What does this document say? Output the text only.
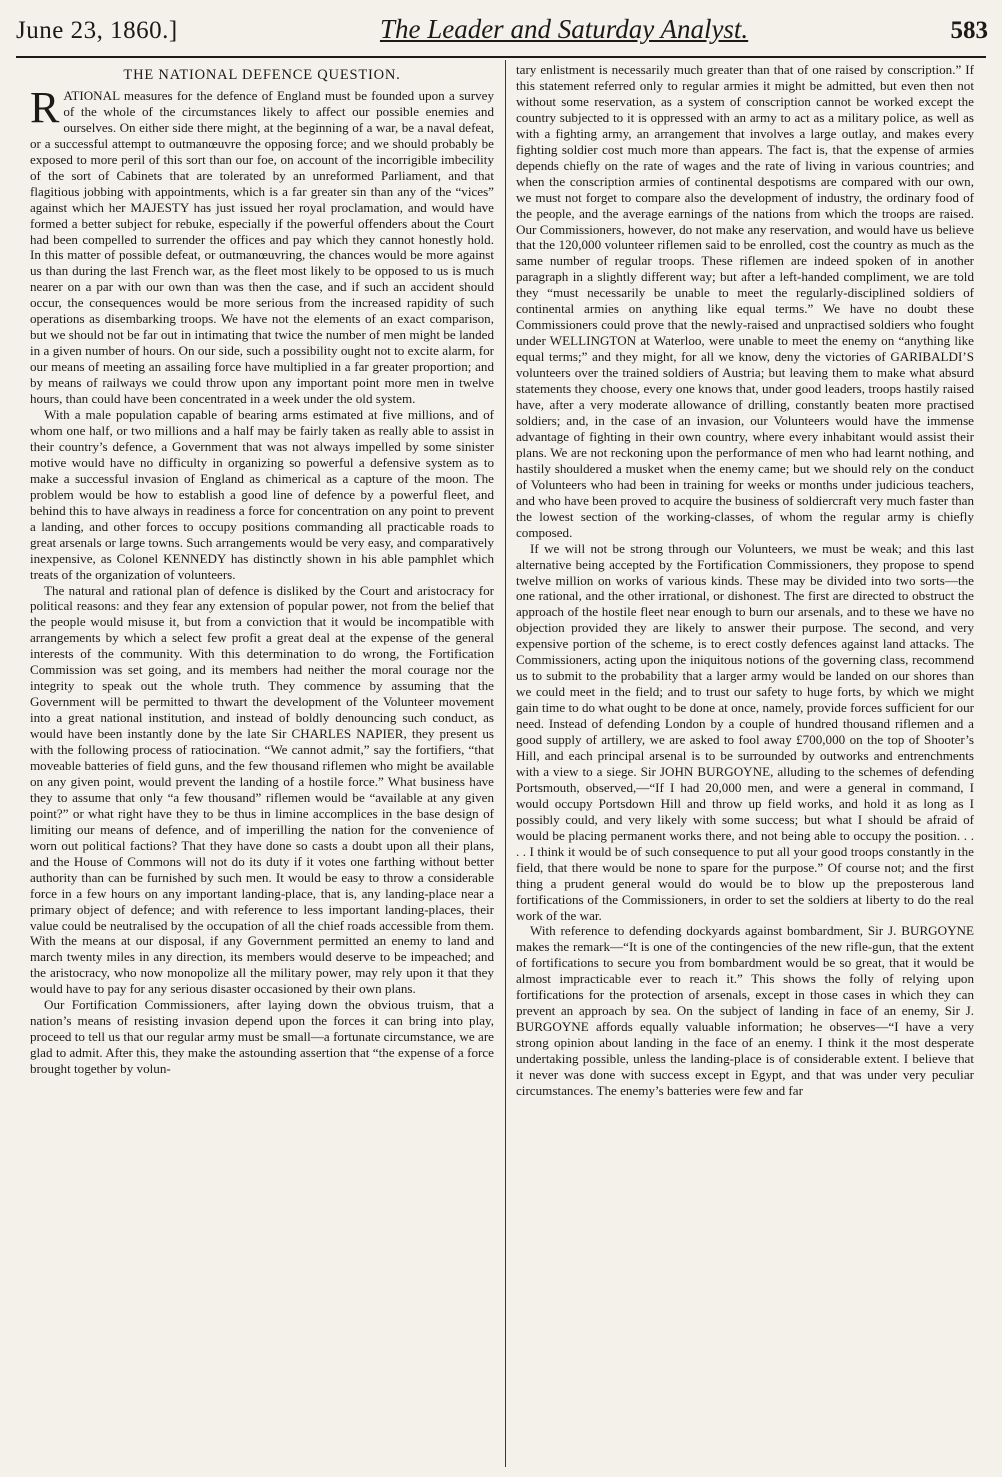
June 23, 1860.]	The Leader and Saturday Analyst.	583
THE NATIONAL DEFENCE QUESTION.

RATIONAL measures for the defence of England must be founded upon a survey of the whole of the circumstances likely to affect our possible enemies and ourselves. On either side there might, at the beginning of a war, be a naval defeat, or a successful attempt to outmanœuvre the opposing force; and we should probably be exposed to more peril of this sort than our foe, on account of the incorrigible imbecility of the sort of Cabinets that are tolerated by an unreformed Parliament, and that flagitious jobbing with appointments, which is a far greater sin than any of the “vices” against which her MAJESTY has just issued her royal proclamation, and would have formed a better subject for rebuke, especially if the powerful offenders about the Court had been compelled to surrender the offices and pay which they cannot honestly hold. In this matter of possible defeat, or outmanœuvring, the chances would be more against us than during the last French war, as the fleet most likely to be opposed to us is much nearer on a par with our own than was then the case, and if such an accident should occur, the consequences would be more serious from the increased rapidity of such operations as disembarking troops. We have not the elements of an exact comparison, but we should not be far out in intimating that twice the number of men might be landed in a given number of hours. On our side, such a possibility ought not to excite alarm, for our means of meeting an assailing force have multiplied in a far greater proportion; and by means of railways we could throw upon any important point more men in twelve hours, than could have been concentrated in a week under the old system.

With a male population capable of bearing arms estimated at five millions, and of whom one half, or two millions and a half may be fairly taken as really able to assist in their country’s defence, a Government that was not always impelled by some sinister motive would have no difficulty in organizing so powerful a defensive system as to make a successful invasion of England as chimerical as a capture of the moon. The problem would be how to establish a good line of defence by a powerful fleet, and behind this to have always in readiness a force for concentration on any point to prevent a landing, and other forces to occupy positions commanding all practicable roads to great arsenals or large towns. Such arrangements would be very easy, and comparatively inexpensive, as Colonel KENNEDY has distinctly shown in his able pamphlet which treats of the organization of volunteers.

The natural and rational plan of defence is disliked by the Court and aristocracy for political reasons: and they fear any extension of popular power, not from the belief that the people would misuse it, but from a conviction that it would be incompatible with arrangements by which a select few profit a great deal at the expense of the general interests of the community. With this determination to do wrong, the Fortification Commission was set going, and its members had neither the moral courage nor the integrity to speak out the whole truth. They commence by assuming that the Government will be permitted to thwart the development of the Volunteer movement into a great national institution, and instead of boldly denouncing such conduct, as would have been instantly done by the late Sir CHARLES NAPIER, they present us with the following process of ratiocination. “We cannot admit,” say the fortifiers, “that moveable batteries of field guns, and the few thousand riflemen who might be available on any given point, would prevent the landing of a hostile force.” What business have they to assume that only “a few thousand” riflemen would be “available at any given point?” or what right have they to be thus in limine accomplices in the base design of limiting our means of defence, and of imperilling the nation for the convenience of worn out political factions? That they have done so casts a doubt upon all their plans, and the House of Commons will not do its duty if it votes one farthing without better authority than can be furnished by such men. It would be easy to throw a considerable force in a few hours on any important landing-place, that is, any landing-place near a primary object of defence; and with reference to less important landing-places, their value could be neutralised by the occupation of all the chief roads accessible from them. With the means at our disposal, if any Government permitted an enemy to land and march twenty miles in any direction, its members would deserve to be impeached; and the aristocracy, who now monopolize all the military power, may rely upon it that they would have to pay for any serious disaster occasioned by their own plans.

Our Fortification Commissioners, after laying down the obvious truism, that a nation’s means of resisting invasion depend upon the forces it can bring into play, proceed to tell us that our regular army must be small—a fortunate circumstance, we are glad to admit. After this, they make the astounding assertion that “the expense of a force brought together by volun-

tary enlistment is necessarily much greater than that of one raised by conscription.” If this statement referred only to regular armies it might be admitted, but even then not without some reservation, as a system of conscription cannot be worked except the country subjected to it is oppressed with an army to act as a military police, as well as with a fighting army, an arrangement that involves a large outlay, and makes every fighting soldier cost much more than appears. The fact is, that the expense of armies depends chiefly on the rate of wages and the rate of living in various countries; and when the conscription armies of continental despotisms are compared with our own, we must not forget to compare also the development of industry, the ordinary food of the people, and the average earnings of the nations from which the troops are raised. Our Commissioners, however, do not make any reservation, and would have us believe that the 120,000 volunteer riflemen said to be enrolled, cost the country as much as the same number of regular troops. These riflemen are indeed spoken of in another paragraph in a slightly different way; but after a left-handed compliment, we are told they “must necessarily be unable to meet the regularly-disciplined soldiers of continental armies on anything like equal terms.” We have no doubt these Commissioners could prove that the newly-raised and unpractised soldiers who fought under WELLINGTON at Waterloo, were unable to meet the enemy on “anything like equal terms;” and they might, for all we know, deny the victories of GARIBALDI’S volunteers over the trained soldiers of Austria; but leaving them to make what absurd statements they choose, every one knows that, under good leaders, troops hastily raised have, after a very moderate allowance of drilling, constantly beaten more practised soldiers; and, in the case of an invasion, our Volunteers would have the immense advantage of fighting in their own country, where every inhabitant would assist their plans. We are not reckoning upon the performance of men who had learnt nothing, and hastily shouldered a musket when the enemy came; but we should rely on the conduct of Volunteers who had been in training for weeks or months under judicious teachers, and who have been proved to acquire the business of soldiercraft very much faster than the lowest section of the working-classes, of whom the regular army is chiefly composed.

If we will not be strong through our Volunteers, we must be weak; and this last alternative being accepted by the Fortification Commissioners, they propose to spend twelve million on works of various kinds. These may be divided into two sorts—the one rational, and the other irrational, or dishonest. The first are directed to obstruct the approach of the hostile fleet near enough to burn our arsenals, and to these we have no objection provided they are likely to answer their purpose. The second, and very expensive portion of the scheme, is to erect costly defences against land attacks. The Commissioners, acting upon the iniquitous notions of the governing class, recommend us to submit to the probability that a larger army would be landed on our shores than we could meet in the field; and to trust our safety to huge forts, by which we might gain time to do what ought to be done at once, namely, provide forces sufficient for our need. Instead of defending London by a couple of hundred thousand riflemen and a good supply of artillery, we are asked to fool away £700,000 on the top of Shooter’s Hill, and each principal arsenal is to be surrounded by outworks and entrenchments with a view to a siege. Sir JOHN BURGOYNE, alluding to the schemes of defending Portsmouth, observed,—“If I had 20,000 men, and were a general in command, I would occupy Portsdown Hill and throw up field works, and hold it as long as I possibly could, and very likely with some success; but what I should be afraid of would be placing permanent works there, and not being able to occupy the position. . . . . I think it would be of such consequence to put all your good troops constantly in the field, that there would be none to spare for the purpose.” Of course not; and the first thing a prudent general would do would be to blow up the preposterous land fortifications of the Commissioners, in order to set the soldiers at liberty to do the real work of the war.

With reference to defending dockyards against bombardment, Sir J. BURGOYNE makes the remark—“It is one of the contingencies of the new rifle-gun, that the extent of fortifications to secure you from bombardment would be so great, that it would be almost impracticable ever to reach it.” This shows the folly of relying upon fortifications for the protection of arsenals, except in those cases in which they can prevent an approach by sea. On the subject of landing in face of an enemy, Sir J. BURGOYNE affords equally valuable information; he observes—“I have a very strong opinion about landing in the face of an enemy. I think it the most desperate undertaking possible, unless the landing-place is of considerable extent. I believe that it never was done with success except in Egypt, and that was under very peculiar circumstances. The enemy’s batteries were few and far
